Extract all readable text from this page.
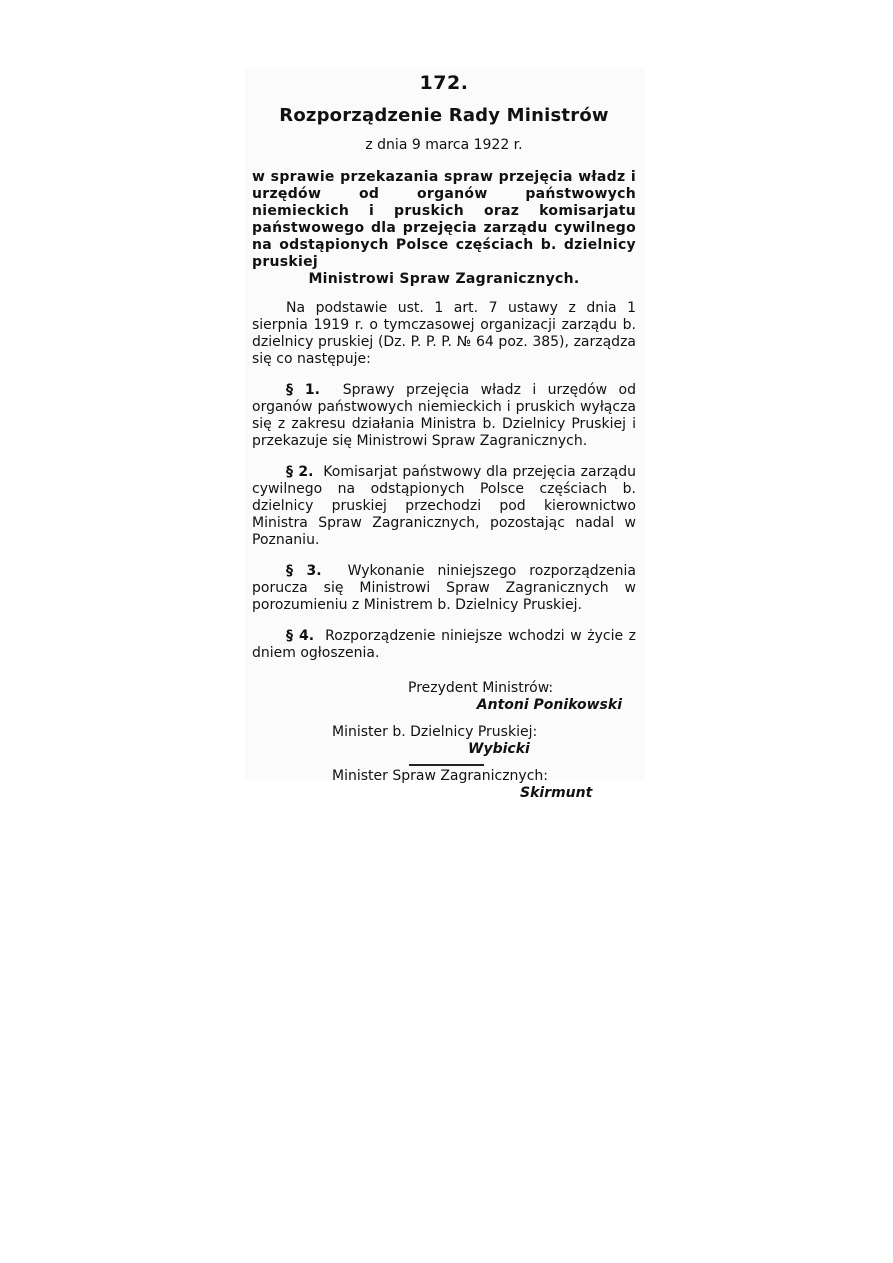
172.
Rozporządzenie Rady Ministrów
z dnia 9 marca 1922 r.
w sprawie przekazania spraw przejęcia władz i urzędów od organów państwowych niemieckich i pruskich oraz komisarjatu państwowego dla przejęcia zarządu cywilnego na odstąpionych Polsce częściach b. dzielnicy pruskiej
Ministrowi Spraw Zagranicznych.

Na podstawie ust. 1 art. 7 ustawy z dnia 1 sierpnia 1919 r. o tymczasowej organizacji zarządu b. dzielnicy pruskiej (Dz. P. P. P. № 64 poz. 385), zarządza się co następuje:

§ 1. Sprawy przejęcia władz i urzędów od organów państwowych niemieckich i pruskich wyłącza się z zakresu działania Ministra b. Dzielnicy Pruskiej i przekazuje się Ministrowi Spraw Zagranicznych.

§ 2. Komisarjat państwowy dla przejęcia zarządu cywilnego na odstąpionych Polsce częściach b. dzielnicy pruskiej przechodzi pod kierownictwo Ministra Spraw Zagranicznych, pozostając nadal w Poznaniu.

§ 3. Wykonanie niniejszego rozporządzenia porucza się Ministrowi Spraw Zagranicznych w porozumieniu z Ministrem b. Dzielnicy Pruskiej.

§ 4. Rozporządzenie niniejsze wchodzi w życie z dniem ogłoszenia.

Prezydent Ministrów:
Antoni Ponikowski
Minister b. Dzielnicy Pruskiej:
Wybicki
Minister Spraw Zagranicznych:
Skirmunt
